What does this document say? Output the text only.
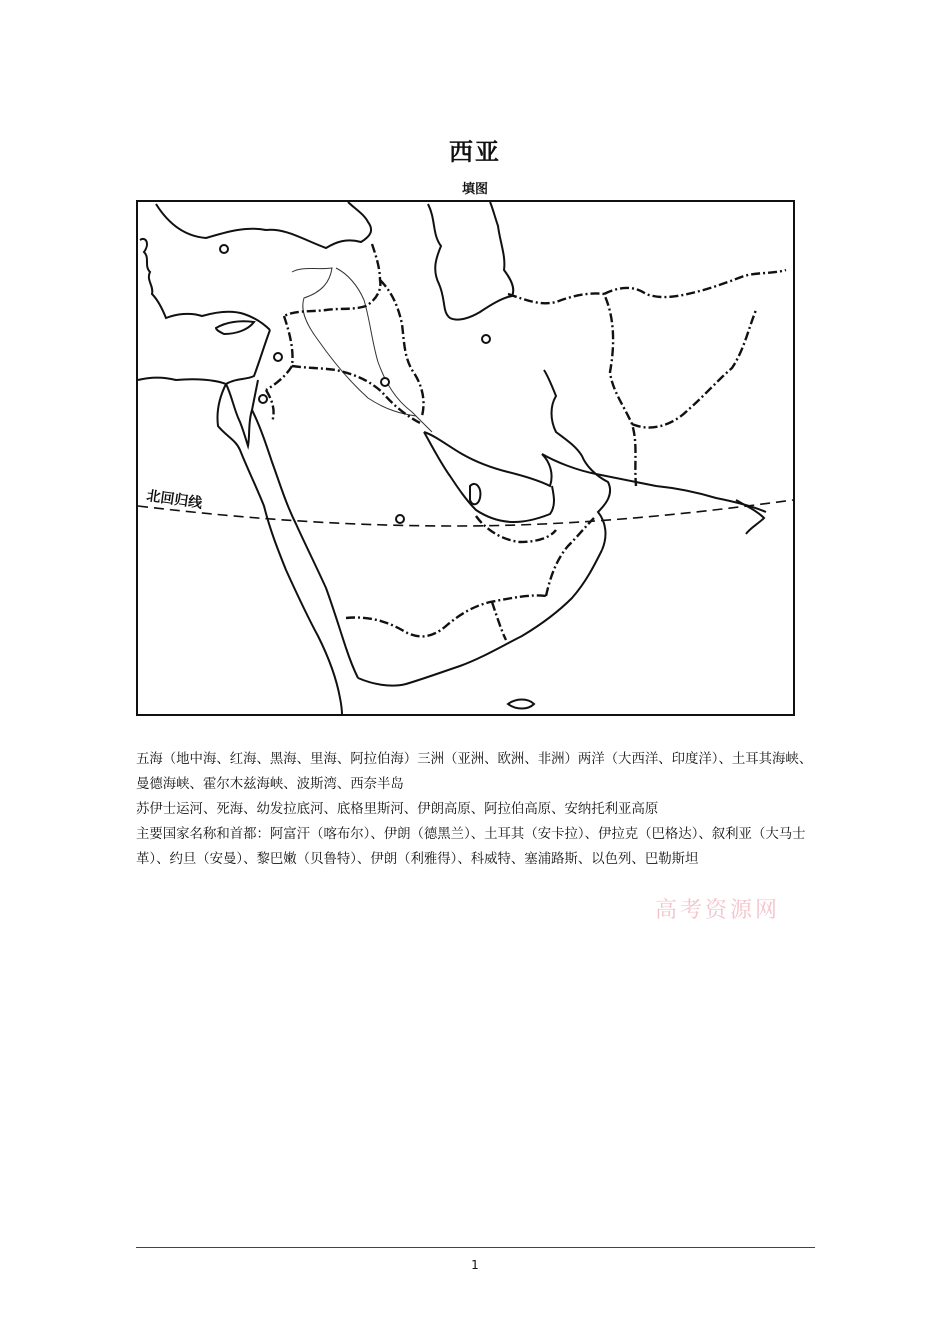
西亚
填图
北回归线

五海（地中海、红海、黑海、里海、阿拉伯海）三洲（亚洲、欧洲、非洲）两洋（大西洋、印度洋）、土耳其海峡、曼德海峡、霍尔木兹海峡、波斯湾、西奈半岛

苏伊士运河、死海、幼发拉底河、底格里斯河、伊朗高原、阿拉伯高原、安纳托利亚高原

主要国家名称和首都：阿富汗（喀布尔）、伊朗（德黑兰）、土耳其（安卡拉）、伊拉克（巴格达）、叙利亚（大马士革）、约旦（安曼）、黎巴嫩（贝鲁特）、伊朗（利雅得）、科威特、塞浦路斯、以色列、巴勒斯坦

高考资源网
1
